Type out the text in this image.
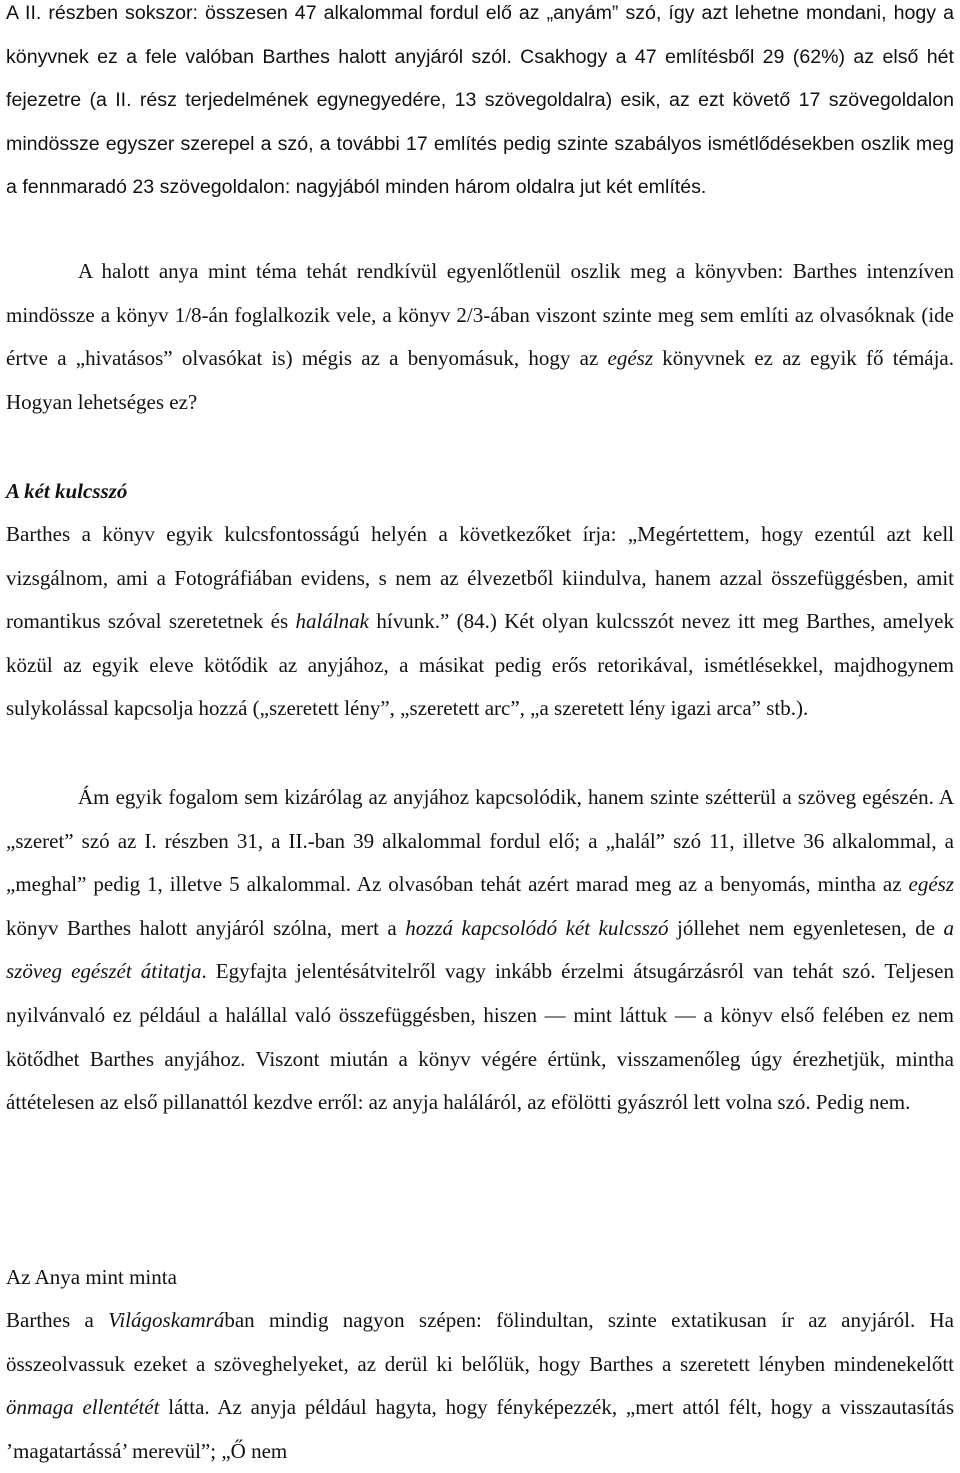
A II. részben sokszor: összesen 47 alkalommal fordul elő az „anyám” szó, így azt lehetne mondani, hogy a könyvnek ez a fele valóban Barthes halott anyjáról szól. Csakhogy a 47 említésből 29 (62%) az első hét fejezetre (a II. rész terjedelmének egynegyedére, 13 szövegoldalra) esik, az ezt követő 17 szövegoldalon mindössze egyszer szerepel a szó, a további 17 említés pedig szinte szabályos ismétlődésekben oszlik meg a fennmaradó 23 szövegoldalon: nagyjából minden három oldalra jut két említés.

A halott anya mint téma tehát rendkívül egyenlőtlenül oszlik meg a könyvben: Barthes intenzíven mindössze a könyv 1/8-án foglalkozik vele, a könyv 2/3-ában viszont szinte meg sem említi az olvasóknak (ide értve a „hivatásos” olvasókat is) mégis az a benyomásuk, hogy az egész könyvnek ez az egyik fő témája. Hogyan lehetséges ez?

A két kulcsszó

Barthes a könyv egyik kulcsfontosságú helyén a következőket írja: „Megértettem, hogy ezentúl azt kell vizsgálnom, ami a Fotográfiában evidens, s nem az élvezetből kiindulva, hanem azzal összefüggésben, amit romantikus szóval szeretetnek és halálnak hívunk.” (84.) Két olyan kulcsszót nevez itt meg Barthes, amelyek közül az egyik eleve kötődik az anyjához, a másikat pedig erős retorikával, ismétlésekkel, majdhogynem sulykolással kapcsolja hozzá („szeretett lény”, „szeretett arc”, „a szeretett lény igazi arca” stb.).

Ám egyik fogalom sem kizárólag az anyjához kapcsolódik, hanem szinte szétterül a szöveg egészén. A „szeret” szó az I. részben 31, a II.-ban 39 alkalommal fordul elő; a „halál” szó 11, illetve 36 alkalommal, a „meghal” pedig 1, illetve 5 alkalommal. Az olvasóban tehát azért marad meg az a benyomás, mintha az egész könyv Barthes halott anyjáról szólna, mert a hozzá kapcsolódó két kulcsszó jóllehet nem egyenletesen, de a szöveg egészét átitatja. Egyfajta jelentésátvitelről vagy inkább érzelmi átsugárzásról van tehát szó. Teljesen nyilvánvaló ez például a halállal való összefüggésben, hiszen — mint láttuk — a könyv első felében ez nem kötődhet Barthes anyjához. Viszont miután a könyv végére értünk, visszamenőleg úgy érezhetjük, mintha áttételesen az első pillanattól kezdve erről: az anyja haláláról, az efölötti gyászról lett volna szó. Pedig nem.

Az Anya mint minta

Barthes a Világoskamrában mindig nagyon szépen: fölindultan, szinte extatikusan ír az anyjáról. Ha összeolvassuk ezeket a szöveghelyeket, az derül ki belőlük, hogy Barthes a szeretett lényben mindenekelőtt önmaga ellentétét látta. Az anyja például hagyta, hogy fényképezzék, „mert attól félt, hogy a visszautasítás ’magatartássá’ merevül”; „Ő nem
